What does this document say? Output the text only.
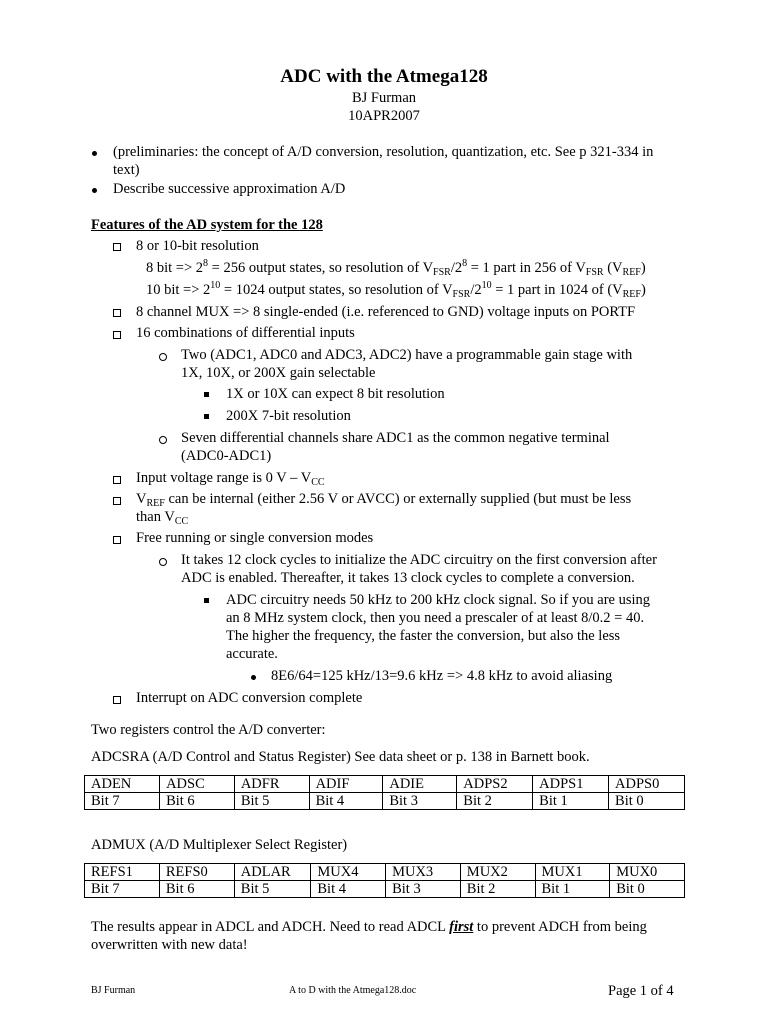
ADC with the Atmega128
BJ Furman
10APR2007
(preliminaries: the concept of A/D conversion, resolution, quantization, etc. See p 321-334 in
text)
Describe successive approximation A/D
Features of the AD system for the 128
8 or 10-bit resolution
8 bit => $2^8 = 256$ output states, so resolution of $V_{FSR}/2^8 = 1$ part in 256 of $V_{FSR}$ $(V_{REF})$
10 bit => $2^{10} = 1024$ output states, so resolution of $V_{FSR}/2^{10} = 1$ part in 1024 of $(V_{REF})$
8 channel MUX => 8 single-ended (i.e. referenced to GND) voltage inputs on PORTF
16 combinations of differential inputs
Two (ADC1, ADC0 and ADC3, ADC2) have a programmable gain stage with
1X, 10X, or 200X gain selectable
1X or 10X can expect 8 bit resolution
200X 7-bit resolution
Seven differential channels share ADC1 as the common negative terminal
(ADC0-ADC1)
Input voltage range is 0 V – $V_{CC}$
$V_{REF}$ can be internal (either 2.56 V or AVCC) or externally supplied (but must be less
than $V_{CC}$
Free running or single conversion modes
It takes 12 clock cycles to initialize the ADC circuitry on the first conversion after
ADC is enabled. Thereafter, it takes 13 clock cycles to complete a conversion.
ADC circuitry needs 50 kHz to 200 kHz clock signal. So if you are using
an 8 MHz system clock, then you need a prescaler of at least 8/0.2 = 40.
The higher the frequency, the faster the conversion, but also the less
accurate.
8E6/64=125 kHz/13=9.6 kHz => 4.8 kHz to avoid aliasing
Interrupt on ADC conversion complete
Two registers control the A/D converter:
ADCSRA (A/D Control and Status Register) See data sheet or p. 138 in Barnett book.
ADEN	ADSC	ADFR	ADIF	ADIE	ADPS2	ADPS1	ADPS0
Bit 7	Bit 6	Bit 5	Bit 4	Bit 3	Bit 2	Bit 1	Bit 0
ADMUX (A/D Multiplexer Select Register)
REFS1	REFS0	ADLAR	MUX4	MUX3	MUX2	MUX1	MUX0
Bit 7	Bit 6	Bit 5	Bit 4	Bit 3	Bit 2	Bit 1	Bit 0
The results appear in ADCL and ADCH. Need to read ADCL first to prevent ADCH from being
overwritten with new data!
BJ Furman	A to D with the Atmega128.doc	Page 1 of 4
